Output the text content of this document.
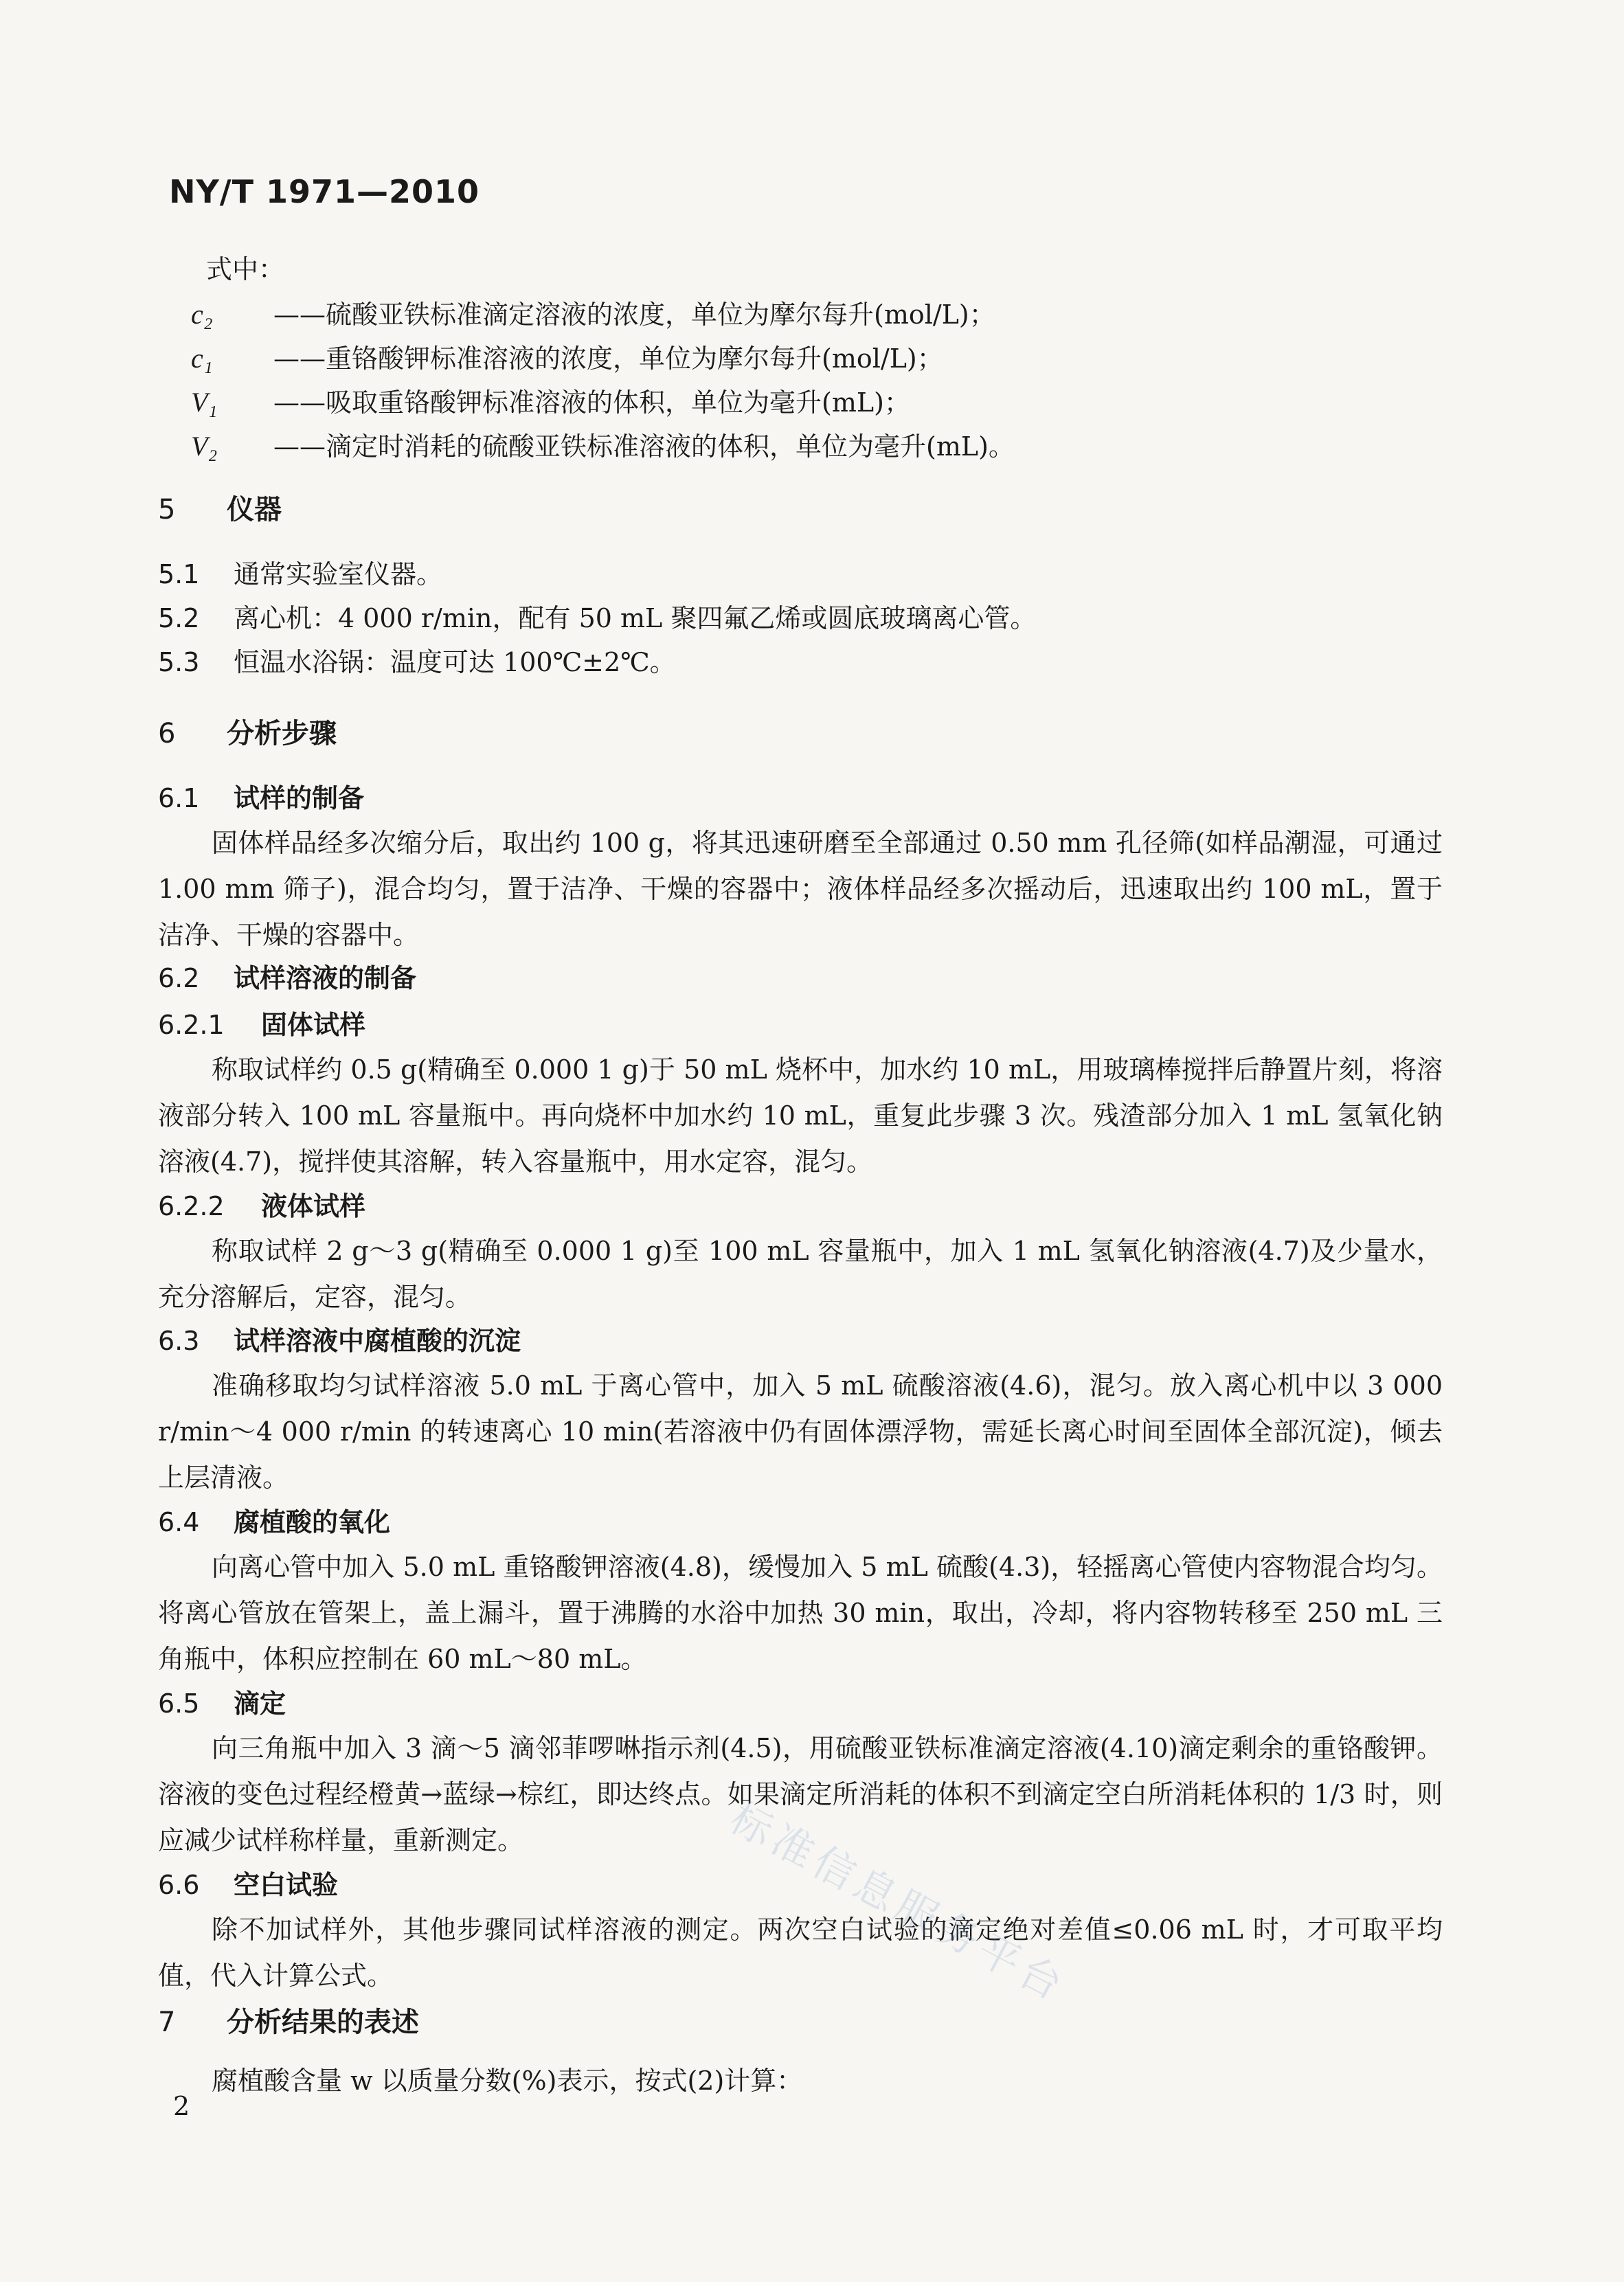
NY/T 1971—2010
式中：
c₂ ——硫酸亚铁标准滴定溶液的浓度，单位为摩尔每升(mol/L)；
c₁ ——重铬酸钾标准溶液的浓度，单位为摩尔每升(mol/L)；
V₁ ——吸取重铬酸钾标准溶液的体积，单位为毫升(mL)；
V₂ ——滴定时消耗的硫酸亚铁标准溶液的体积，单位为毫升(mL)。
5 仪器
5.1 通常实验室仪器。
5.2 离心机：4 000 r/min，配有 50 mL 聚四氟乙烯或圆底玻璃离心管。
5.3 恒温水浴锅：温度可达 100℃±2℃。
6 分析步骤
6.1 试样的制备
固体样品经多次缩分后，取出约 100 g，将其迅速研磨至全部通过 0.50 mm 孔径筛(如样品潮湿，可通过 1.00 mm 筛子)，混合均匀，置于洁净、干燥的容器中；液体样品经多次摇动后，迅速取出约 100 mL，置于洁净、干燥的容器中。
6.2 试样溶液的制备
6.2.1 固体试样
称取试样约 0.5 g(精确至 0.000 1 g)于 50 mL 烧杯中，加水约 10 mL，用玻璃棒搅拌后静置片刻，将溶液部分转入 100 mL 容量瓶中。再向烧杯中加水约 10 mL，重复此步骤 3 次。残渣部分加入 1 mL 氢氧化钠溶液(4.7)，搅拌使其溶解，转入容量瓶中，用水定容，混匀。
6.2.2 液体试样
称取试样 2 g～3 g(精确至 0.000 1 g)至 100 mL 容量瓶中，加入 1 mL 氢氧化钠溶液(4.7)及少量水，充分溶解后，定容，混匀。
6.3 试样溶液中腐植酸的沉淀
准确移取均匀试样溶液 5.0 mL 于离心管中，加入 5 mL 硫酸溶液(4.6)，混匀。放入离心机中以 3 000 r/min～4 000 r/min 的转速离心 10 min(若溶液中仍有固体漂浮物，需延长离心时间至固体全部沉淀)，倾去上层清液。
6.4 腐植酸的氧化
向离心管中加入 5.0 mL 重铬酸钾溶液(4.8)，缓慢加入 5 mL 硫酸(4.3)，轻摇离心管使内容物混合均匀。将离心管放在管架上，盖上漏斗，置于沸腾的水浴中加热 30 min，取出，冷却，将内容物转移至 250 mL 三角瓶中，体积应控制在 60 mL～80 mL。
6.5 滴定
向三角瓶中加入 3 滴～5 滴邻菲啰啉指示剂(4.5)，用硫酸亚铁标准滴定溶液(4.10)滴定剩余的重铬酸钾。溶液的变色过程经橙黄→蓝绿→棕红，即达终点。如果滴定所消耗的体积不到滴定空白所消耗体积的 1/3 时，则应减少试样称样量，重新测定。
6.6 空白试验
除不加试样外，其他步骤同试样溶液的测定。两次空白试验的滴定绝对差值≤0.06 mL 时，才可取平均值，代入计算公式。
7 分析结果的表述
腐植酸含量 w 以质量分数(%)表示，按式(2)计算：
2
标准信息服务平台
